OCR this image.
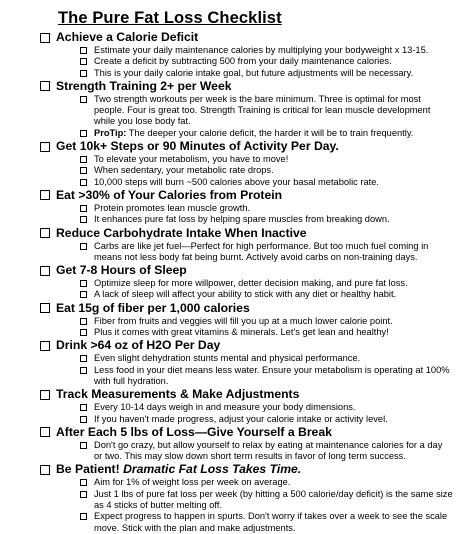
The Pure Fat Loss Checklist
Achieve a Calorie Deficit
Estimate your daily maintenance calories by multiplying your bodyweight x 13-15.
Create a deficit by subtracting 500 from your daily maintenance calories.
This is your daily calorie intake goal, but future adjustments will be necessary.
Strength Training 2+ per Week
Two strength workouts per week is the bare minimum. Three is optimal for most people. Four is great too. Strength Training is critical for lean muscle development while you lose body fat.
ProTip: The deeper your calorie deficit, the harder it will be to train frequently.
Get 10k+ Steps or 90 Minutes of Activity Per Day.
To elevate your metabolism, you have to move!
When sedentary, your metabolic rate drops.
10,000 steps will burn ~500 calories above your basal metabolic rate.
Eat >30% of Your Calories from Protein
Protein promotes lean muscle growth.
It enhances pure fat loss by helping spare muscles from breaking down.
Reduce Carbohydrate Intake When Inactive
Carbs are like jet fuel—Perfect for high performance. But too much fuel coming in means not less body fat being burnt. Actively avoid carbs on non-training days.
Get 7-8 Hours of Sleep
Optimize sleep for more willpower, detter decision making, and pure fat loss.
A lack of sleep will affect your ability to stick with any diet or healthy habit.
Eat 15g of fiber per 1,000 calories
Fiber from fruits and veggies will fill you up at a much lower calorie point.
Plus it comes with great vitamins & minerals. Let's get lean and healthy!
Drink >64 oz of H2O Per Day
Even slight dehydration stunts mental and physical performance.
Less food in your diet means less water. Ensure your metabolism is operating at 100% with full hydration.
Track Measurements & Make Adjustments
Every 10-14 days weigh in and measure your body dimensions.
If you haven't made progress, adjust your calorie intake or activity level.
After Each 5 lbs of Loss—Give Yourself a Break
Don't go crazy, but allow yourself to relax by eating at maintenance calories for a day or two. This may slow down short term results in favor of long term success.
Be Patient!
Dramatic Fat Loss Takes Time.
Aim for 1% of weight loss per week on average.
Just 1 lbs of pure fat loss per week (by hitting a 500 calorie/day deficit) is the same size as 4 sticks of butter melting off.
Expect progress to happen in spurts. Don't worry if takes over a week to see the scale move. Stick with the plan and make adjustments.
